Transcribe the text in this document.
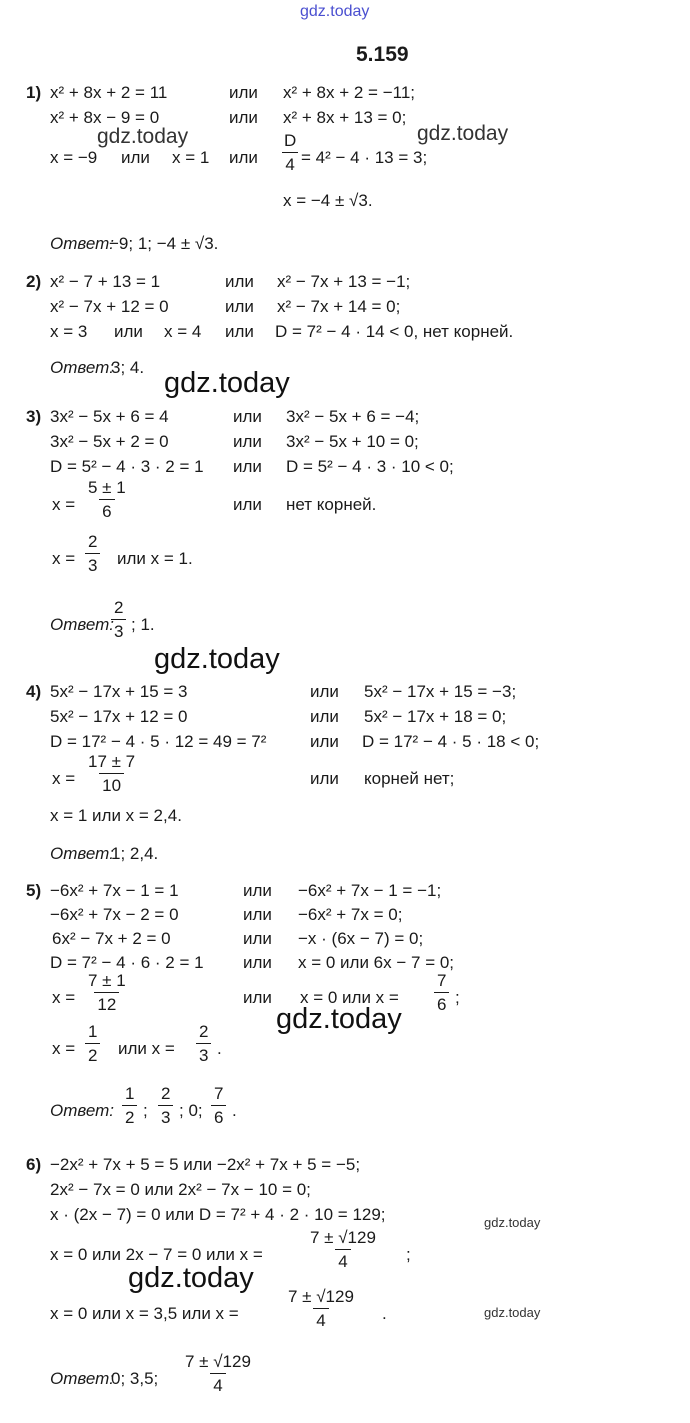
gdz.today
gdz.today	gdz.today
gdz.today
gdz.today
gdz.today
gdz.today
gdz.today
gdz.today
5.159
1) x² + 8x + 2 = 11	или x² + 8x + 2 = −11;
x² + 8x − 9 = 0	или x² + 8x + 13 = 0;
x = −9 или x = 1 или $\frac{D}{4} = 4^2 - 4 \cdot 13 = 3$;
x = −4 ± √3.
Ответ:
−9; 1; −4 ± √3.
2) x² − 7 + 13 = 1	или x² − 7x + 13 = −1;
x² − 7x + 12 = 0	или x² − 7x + 14 = 0;
x = 3 или x = 4 или D = 7² − 4 · 14 < 0, нет корней.
Ответ:
3; 4.
3) 3x² − 5x + 6 = 4	или 3x² − 5x + 6 = −4;
3x² − 5x + 2 = 0	или 3x² − 5x + 10 = 0;
D = 5² − 4 · 3 · 2 = 1 или D = 5² − 4 · 3 · 10 < 0;
$x = \frac{5 \pm 1}{6}$	или нет корней.
$x = \frac{2}{3}$ или x = 1.
Ответ:
$\frac{2}{3}$ ; 1.
4) 5x² − 17x + 15 = 3	или 5x² − 17x + 15 = −3;
5x² − 17x + 12 = 0	или 5x² − 17x + 18 = 0;
D = 17² − 4 · 5 · 12 = 49 = 7²	или D = 17² − 4 · 5 · 18 < 0;
$x = \frac{17 \pm 7}{10}$	или корней нет;
x = 1 или x = 2,4.
Ответ:
1; 2,4.
5) −6x² + 7x − 1 = 1	или −6x² + 7x − 1 = −1;
−6x² + 7x − 2 = 0	или −6x² + 7x = 0;
6x² − 7x + 2 = 0	или −x · (6x − 7) = 0;
D = 7² − 4 · 6 · 2 = 1 или x = 0 или 6x − 7 = 0;
$x = \frac{7 \pm 1}{12}$	или x = 0 или $x = \frac{7}{6}$ ;
$x = \frac{1}{2}$ или $x = \frac{2}{3}$ .
Ответ: $\frac{1}{2}$ ; $\frac{2}{3}$ ; 0; $\frac{7}{6}$ .
6) −2x² + 7x + 5 = 5 или −2x² + 7x + 5 = −5;
2x² − 7x = 0 или 2x² − 7x − 10 = 0;
x · (2x − 7) = 0 или D = 7² + 4 · 2 · 10 = 129;
x = 0 или 2x − 7 = 0 или x =	$\frac{7 \pm √129}{4}$ ;
x = 0 или x = 3,5 или x =	$\frac{7 \pm √129}{4}$ .
Ответ:
0; 3,5; $\frac{7 \pm √129}{4}$
